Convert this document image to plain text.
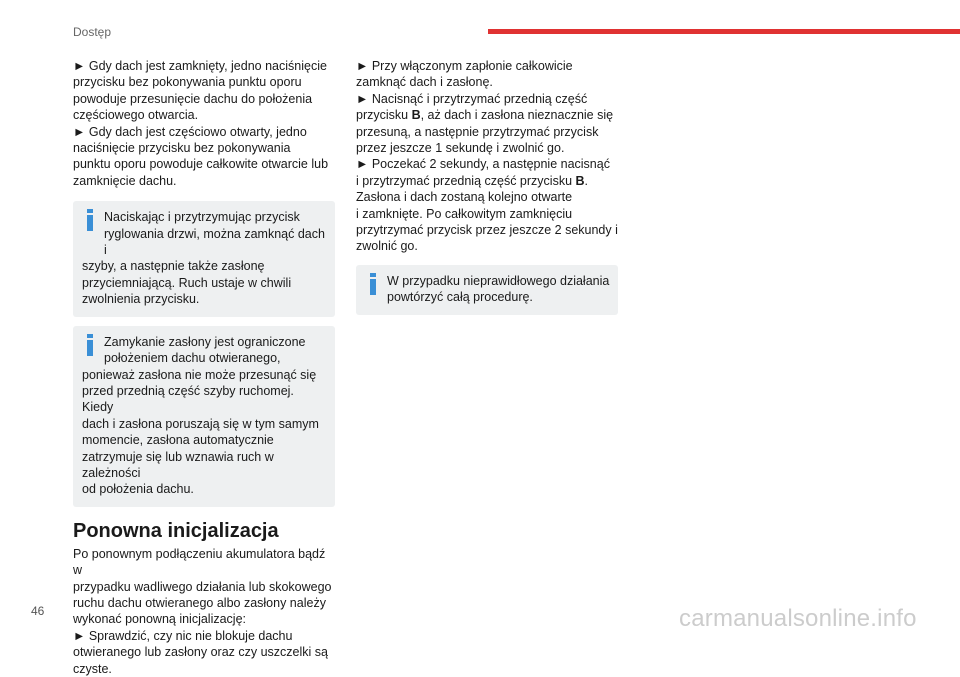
Dostęp
► Gdy dach jest zamknięty, jedno naciśnięcie
przycisku bez pokonywania punktu oporu
powoduje przesunięcie dachu do położenia
częściowego otwarcia.
► Gdy dach jest częściowo otwarty, jedno
naciśnięcie przycisku bez pokonywania
punktu oporu powoduje całkowite otwarcie lub
zamknięcie dachu.
Naciskając i przytrzymując przycisk
ryglowania drzwi, można zamknąć dach i
szyby, a następnie także zasłonę
przyciemniającą. Ruch ustaje w chwili
zwolnienia przycisku.
Zamykanie zasłony jest ograniczone
położeniem dachu otwieranego,
ponieważ zasłona nie może przesunąć się
przed przednią część szyby ruchomej. Kiedy
dach i zasłona poruszają się w tym samym
momencie, zasłona automatycznie
zatrzymuje się lub wznawia ruch w zależności
od położenia dachu.
Ponowna inicjalizacja
Po ponownym podłączeniu akumulatora bądź w
przypadku wadliwego działania lub skokowego
ruchu dachu otwieranego albo zasłony należy
wykonać ponowną inicjalizację:
► Sprawdzić, czy nic nie blokuje dachu
otwieranego lub zasłony oraz czy uszczelki są
czyste.
► Przy włączonym zapłonie całkowicie
zamknąć dach i zasłonę.
► Nacisnąć i przytrzymać przednią część
przycisku B, aż dach i zasłona nieznacznie się
przesuną, a następnie przytrzymać przycisk
przez jeszcze 1 sekundę i zwolnić go.
► Poczekać 2 sekundy, a następnie nacisnąć
i przytrzymać przednią część przycisku B.
Zasłona i dach zostaną kolejno otwarte
i zamknięte. Po całkowitym zamknięciu
przytrzymać przycisk przez jeszcze 2 sekundy i
zwolnić go.
W przypadku nieprawidłowego działania
powtórzyć całą procedurę.
46	carmanualsonline.info
